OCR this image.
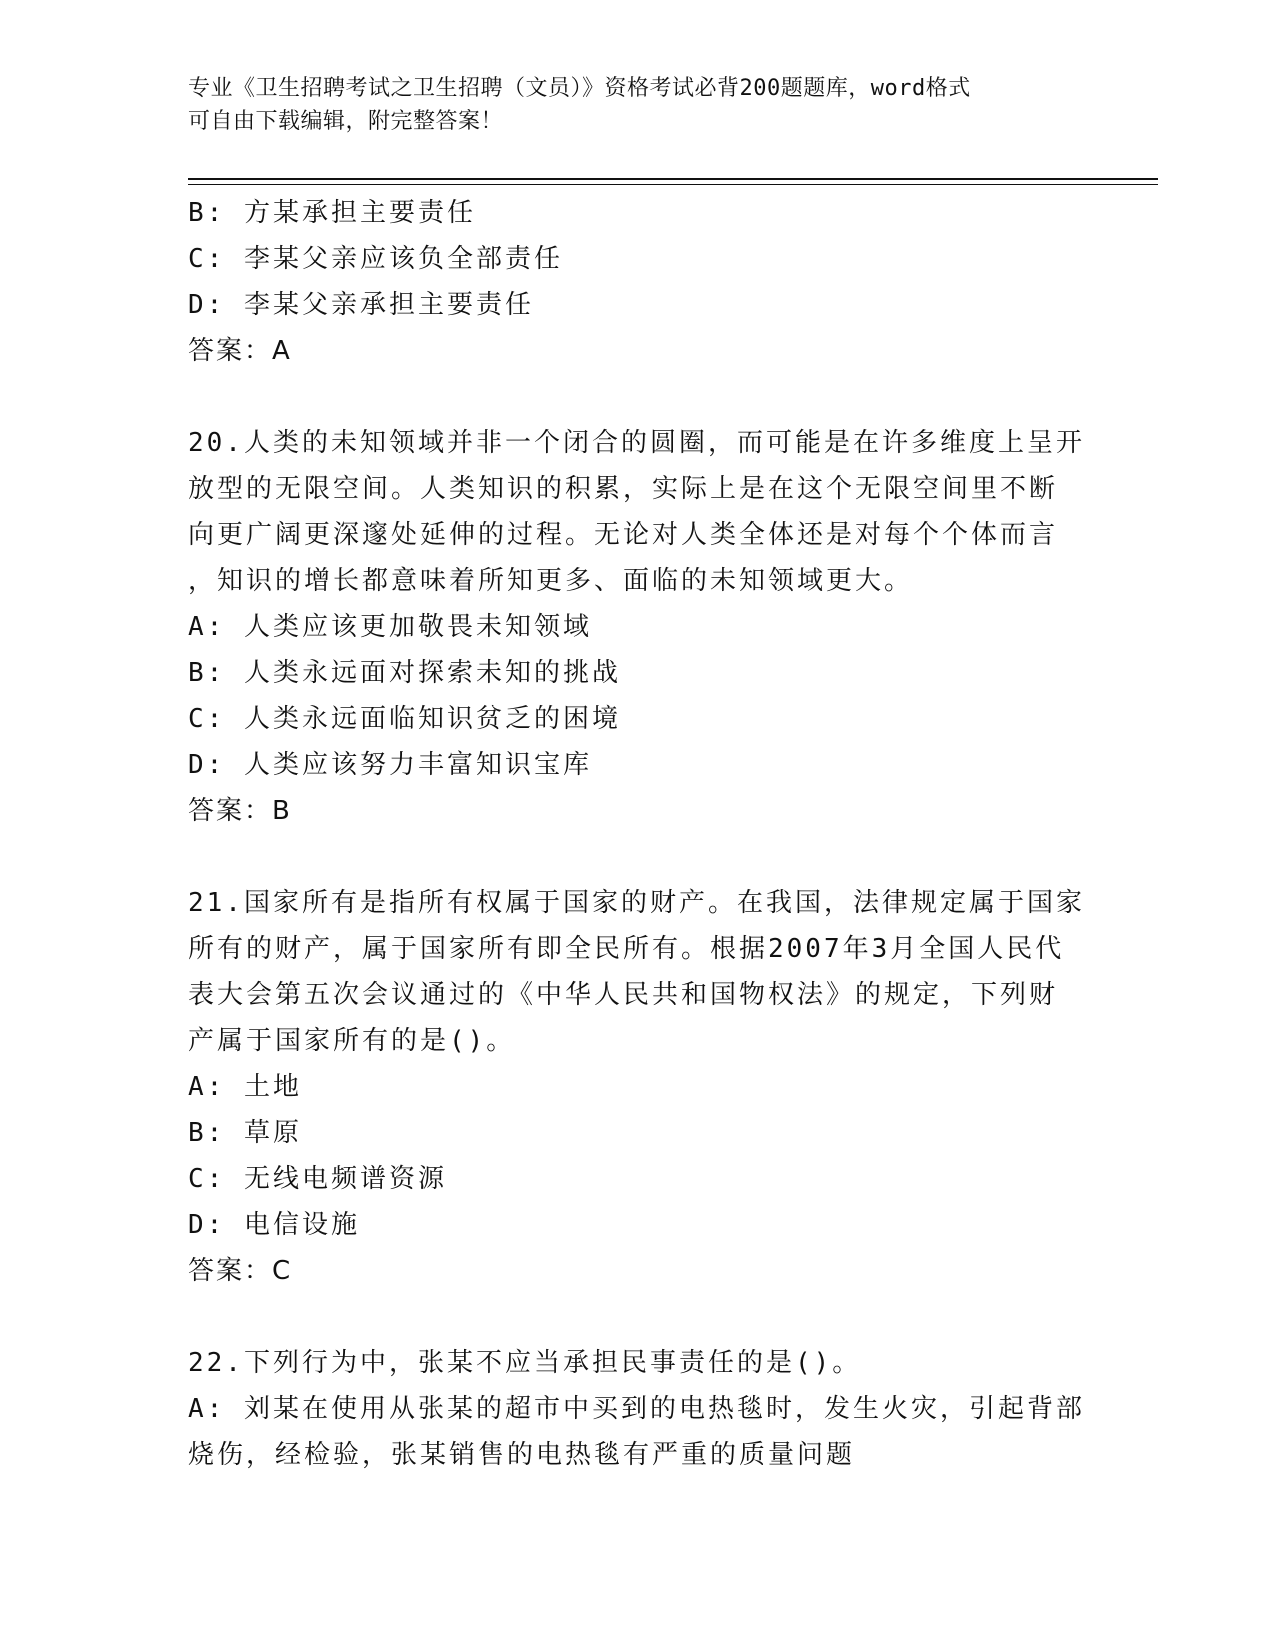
专业《卫生招聘考试之卫生招聘（文员）》资格考试必背200题题库，word格式
可自由下载编辑，附完整答案！

B: 方某承担主要责任

C: 李某父亲应该负全部责任

D: 李某父亲承担主要责任

答案：A

20.人类的未知领域并非一个闭合的圆圈，而可能是在许多维度上呈开

放型的无限空间。人类知识的积累，实际上是在这个无限空间里不断

向更广阔更深邃处延伸的过程。无论对人类全体还是对每个个体而言

，知识的增长都意味着所知更多、面临的未知领域更大。

A: 人类应该更加敬畏未知领域

B: 人类永远面对探索未知的挑战

C: 人类永远面临知识贫乏的困境

D: 人类应该努力丰富知识宝库

答案：B

21.国家所有是指所有权属于国家的财产。在我国，法律规定属于国家

所有的财产，属于国家所有即全民所有。根据2007年3月全国人民代

表大会第五次会议通过的《中华人民共和国物权法》的规定，下列财

产属于国家所有的是()。

A: 土地

B: 草原

C: 无线电频谱资源

D: 电信设施

答案：C

22.下列行为中，张某不应当承担民事责任的是()。

A: 刘某在使用从张某的超市中买到的电热毯时，发生火灾，引起背部

烧伤，经检验，张某销售的电热毯有严重的质量问题
